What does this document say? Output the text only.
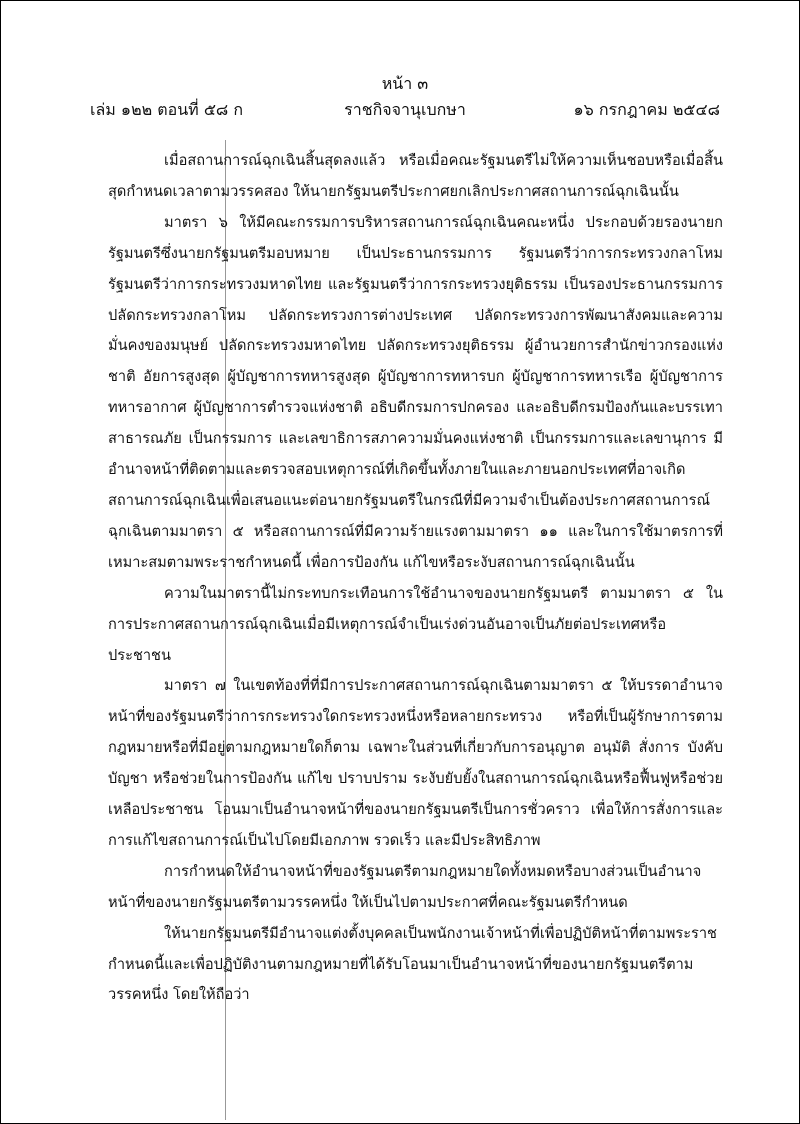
หน้า ๓
เล่ม ๑๒๒ ตอนที่ ๕๘ ก	ราชกิจจานุเบกษา	๑๖ กรกฎาคม ๒๕๔๘

เมื่อสถานการณ์ฉุกเฉินสิ้นสุดลงแล้ว หรือเมื่อคณะรัฐมนตรีไม่ให้ความเห็นชอบหรือเมื่อสิ้นสุดกำหนดเวลาตามวรรคสอง ให้นายกรัฐมนตรีประกาศยกเลิกประกาศสถานการณ์ฉุกเฉินนั้น

มาตรา ๖ ให้มีคณะกรรมการบริหารสถานการณ์ฉุกเฉินคณะหนึ่ง ประกอบด้วยรองนายกรัฐมนตรีซึ่งนายกรัฐมนตรีมอบหมาย เป็นประธานกรรมการ รัฐมนตรีว่าการกระทรวงกลาโหม รัฐมนตรีว่าการกระทรวงมหาดไทย และรัฐมนตรีว่าการกระทรวงยุติธรรม เป็นรองประธานกรรมการ ปลัดกระทรวงกลาโหม ปลัดกระทรวงการต่างประเทศ ปลัดกระทรวงการพัฒนาสังคมและความมั่นคงของมนุษย์ ปลัดกระทรวงมหาดไทย ปลัดกระทรวงยุติธรรม ผู้อำนวยการสำนักข่าวกรองแห่งชาติ อัยการสูงสุด ผู้บัญชาการทหารสูงสุด ผู้บัญชาการทหารบก ผู้บัญชาการทหารเรือ ผู้บัญชาการทหารอากาศ ผู้บัญชาการตำรวจแห่งชาติ อธิบดีกรมการปกครอง และอธิบดีกรมป้องกันและบรรเทาสาธารณภัย เป็นกรรมการ และเลขาธิการสภาความมั่นคงแห่งชาติ เป็นกรรมการและเลขานุการ มีอำนาจหน้าที่ติดตามและตรวจสอบเหตุการณ์ที่เกิดขึ้นทั้งภายในและภายนอกประเทศที่อาจเกิดสถานการณ์ฉุกเฉินเพื่อเสนอแนะต่อนายกรัฐมนตรีในกรณีที่มีความจำเป็นต้องประกาศสถานการณ์ฉุกเฉินตามมาตรา ๕ หรือสถานการณ์ที่มีความร้ายแรงตามมาตรา ๑๑ และในการใช้มาตรการที่เหมาะสมตามพระราชกำหนดนี้ เพื่อการป้องกัน แก้ไขหรือระงับสถานการณ์ฉุกเฉินนั้น

ความในมาตรานี้ไม่กระทบกระเทือนการใช้อำนาจของนายกรัฐมนตรี ตามมาตรา ๕ ในการประกาศสถานการณ์ฉุกเฉินเมื่อมีเหตุการณ์จำเป็นเร่งด่วนอันอาจเป็นภัยต่อประเทศหรือประชาชน

มาตรา ๗ ในเขตท้องที่ที่มีการประกาศสถานการณ์ฉุกเฉินตามมาตรา ๕ ให้บรรดาอำนาจหน้าที่ของรัฐมนตรีว่าการกระทรวงใดกระทรวงหนึ่งหรือหลายกระทรวง หรือที่เป็นผู้รักษาการตามกฎหมายหรือที่มีอยู่ตามกฎหมายใดก็ตาม เฉพาะในส่วนที่เกี่ยวกับการอนุญาต อนุมัติ สั่งการ บังคับบัญชา หรือช่วยในการป้องกัน แก้ไข ปราบปราม ระงับยับยั้งในสถานการณ์ฉุกเฉินหรือฟื้นฟูหรือช่วยเหลือประชาชน โอนมาเป็นอำนาจหน้าที่ของนายกรัฐมนตรีเป็นการชั่วคราว เพื่อให้การสั่งการและการแก้ไขสถานการณ์เป็นไปโดยมีเอกภาพ รวดเร็ว และมีประสิทธิภาพ

การกำหนดให้อำนาจหน้าที่ของรัฐมนตรีตามกฎหมายใดทั้งหมดหรือบางส่วนเป็นอำนาจหน้าที่ของนายกรัฐมนตรีตามวรรคหนึ่ง ให้เป็นไปตามประกาศที่คณะรัฐมนตรีกำหนด

ให้นายกรัฐมนตรีมีอำนาจแต่งตั้งบุคคลเป็นพนักงานเจ้าหน้าที่เพื่อปฏิบัติหน้าที่ตามพระราชกำหนดนี้และเพื่อปฏิบัติงานตามกฎหมายที่ได้รับโอนมาเป็นอำนาจหน้าที่ของนายกรัฐมนตรีตามวรรคหนึ่ง โดยให้ถือว่า
